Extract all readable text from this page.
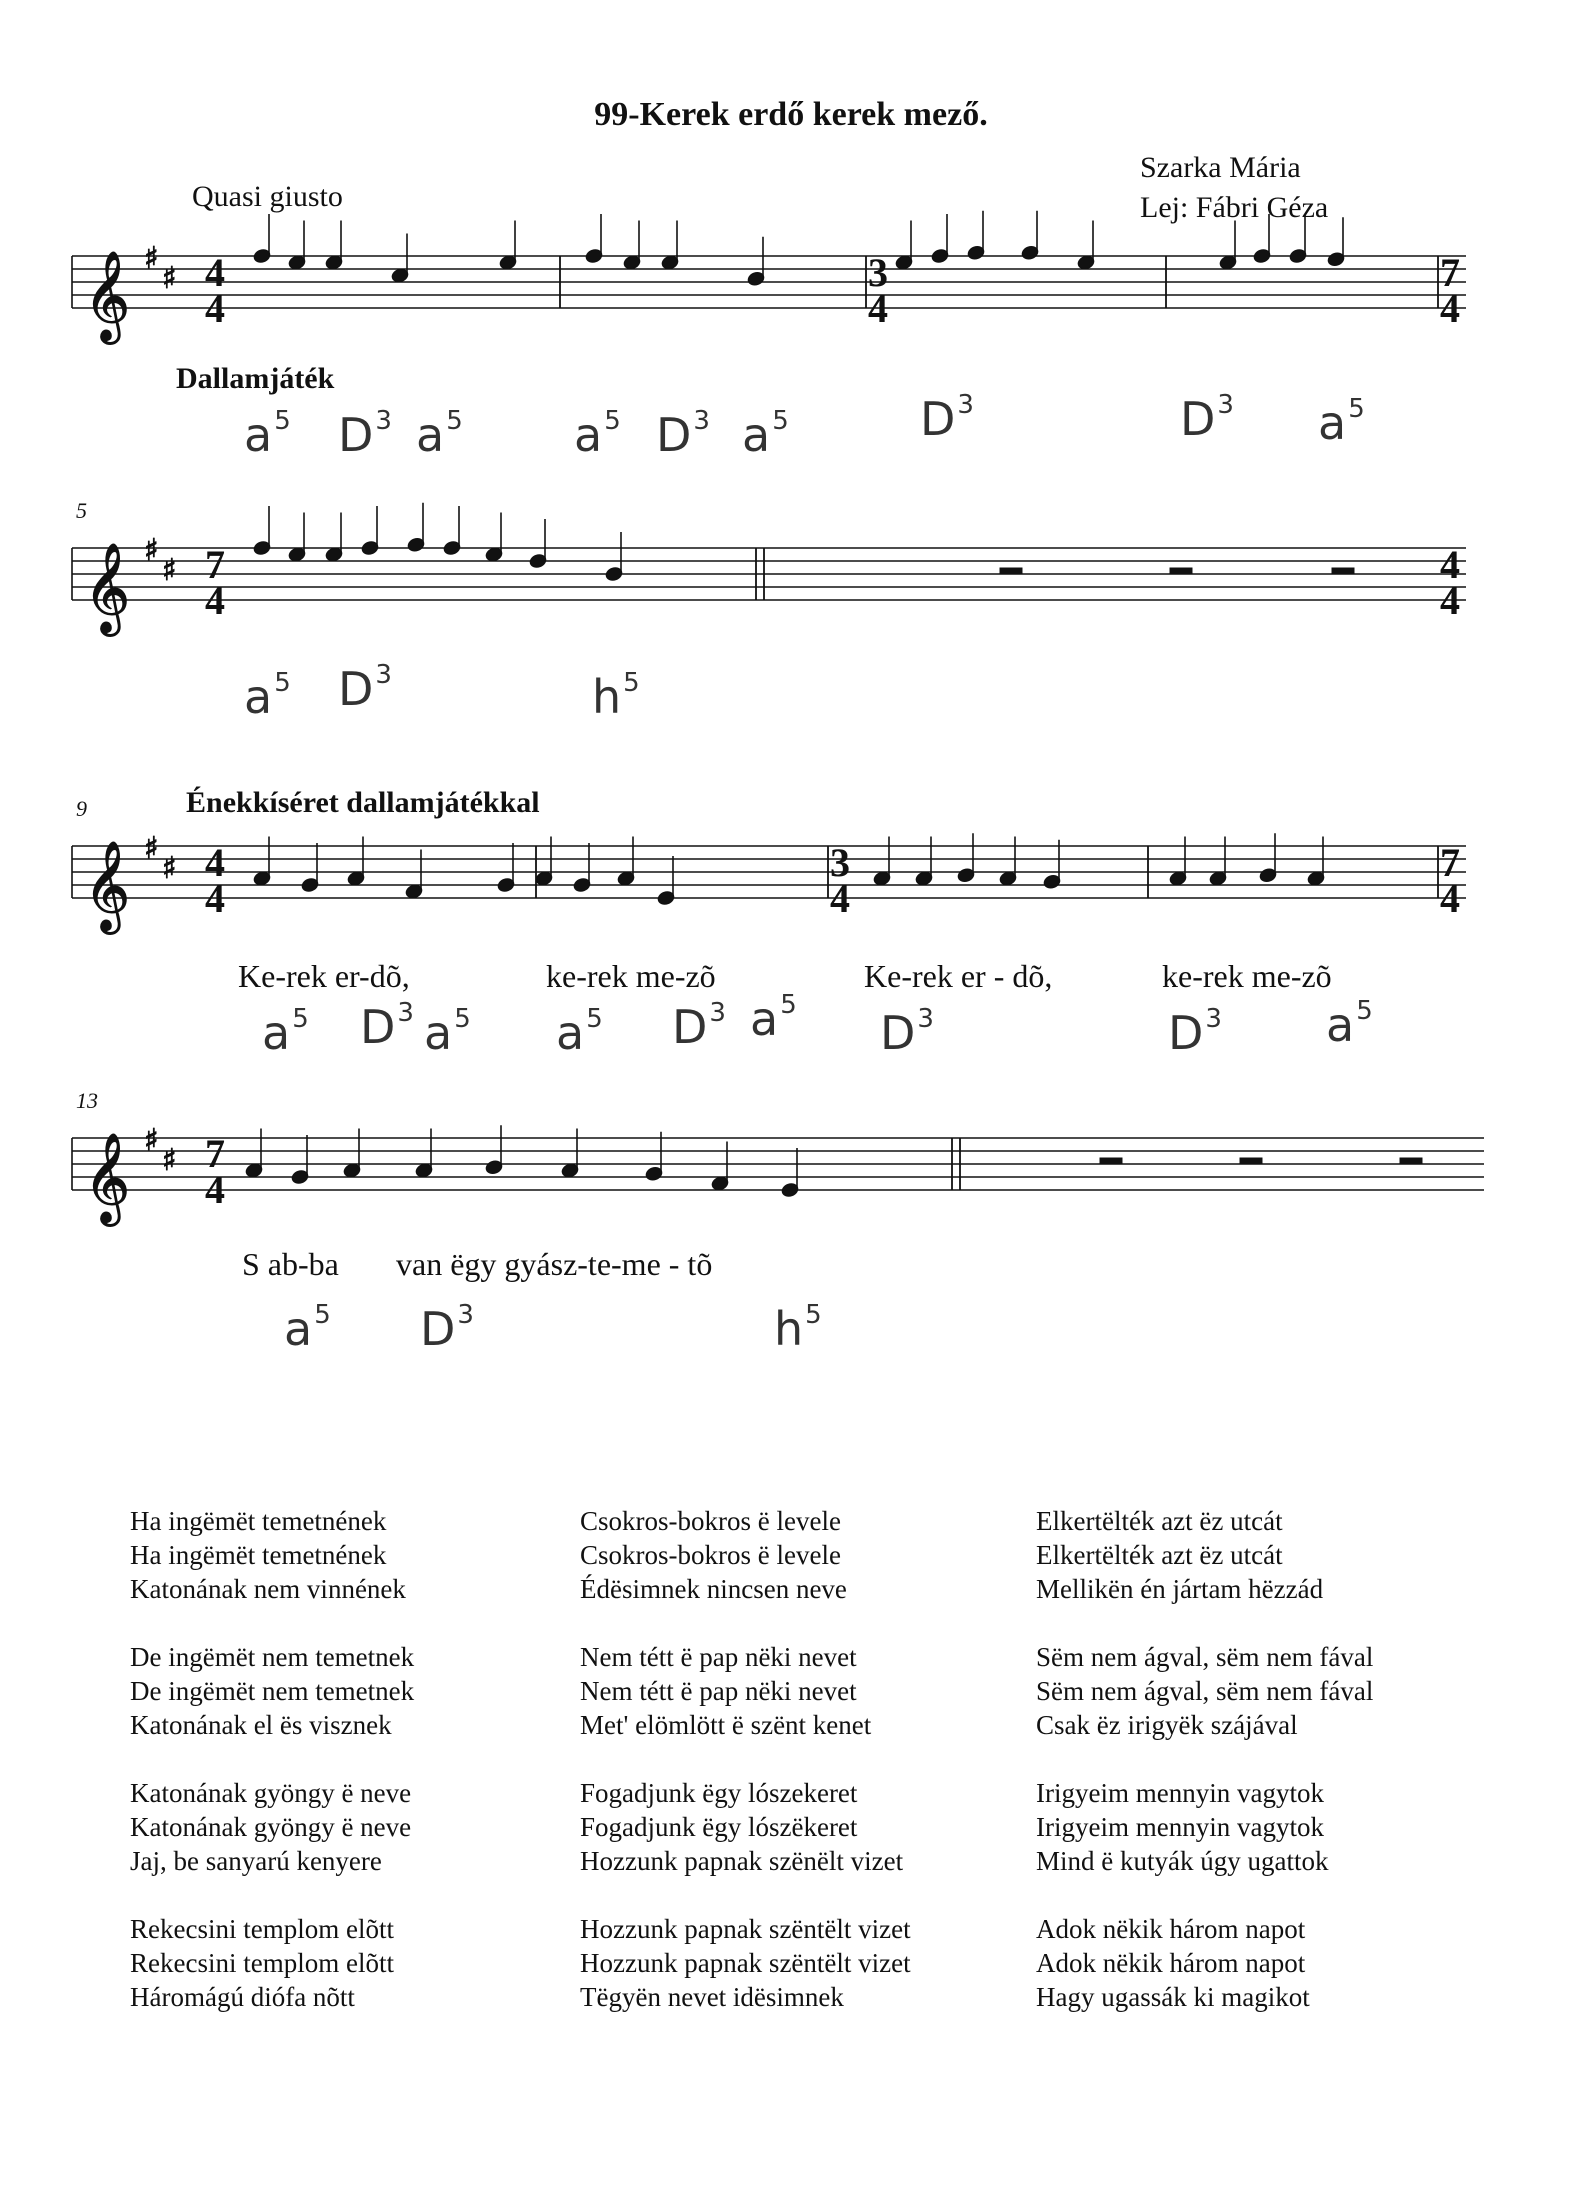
99-Kerek erdő kerek mező.
Quasi giusto
Szarka Mária
Lej: Fábri Géza
𝄞 ♯
♯
𝄞 ♯
♯
𝄞 ♯
♯
𝄞 ♯
♯
4
4
3
4
7
4
7
4
4
4
4
4
3
4
7
4
7
4
5
9
13
Dallamjáték
Énekkíséret dallamjátékkal
$a^5$ $D^3$ $a^5$ $a^5$ $D^3$ $a^5$	$D^3$	$D^3$ $a^5$
$a^5$ $D^3$	$h^5$
Ke-rek er-dõ,	ke-rek me-zõ	Ke-rek er - dõ,	ke-rek me-zõ
$a^5$ $D^3$ $a^5$ $a^5$ $D^3$ $a^5$
$D^3$	$D^3$ $a^5$
S ab-ba van ëgy gyász-te-me - tõ
$a^5$ $D^3$	$h^5$
Ha ingëmët temetnének
Ha ingëmët temetnének
Katonának nem vinnének
De ingëmët nem temetnek
De ingëmët nem temetnek
Katonának el ës visznek
Katonának gyöngy ë neve
Katonának gyöngy ë neve
Jaj, be sanyarú kenyere
Rekecsini templom elõtt
Rekecsini templom elõtt
Háromágú diófa nõtt
Csokros-bokros ë levele
Csokros-bokros ë levele
Édësimnek nincsen neve
Nem tétt ë pap nëki nevet
Nem tétt ë pap nëki nevet
Met' elömlött ë szënt kenet
Fogadjunk ëgy lószekeret
Fogadjunk ëgy lószëkeret
Hozzunk papnak szënëlt vizet
Hozzunk papnak szëntëlt vizet
Hozzunk papnak szëntëlt vizet
Tëgyën nevet idësimnek
Elkertëlték azt ëz utcát
Elkertëlték azt ëz utcát
Mellikën én jártam hëzzád
Sëm nem ágval, sëm nem fával
Sëm nem ágval, sëm nem fával
Csak ëz irigyëk szájával
Irigyeim mennyin vagytok
Irigyeim mennyin vagytok
Mind ë kutyák úgy ugattok
Adok nëkik három napot
Adok nëkik három napot
Hagy ugassák ki magikot
